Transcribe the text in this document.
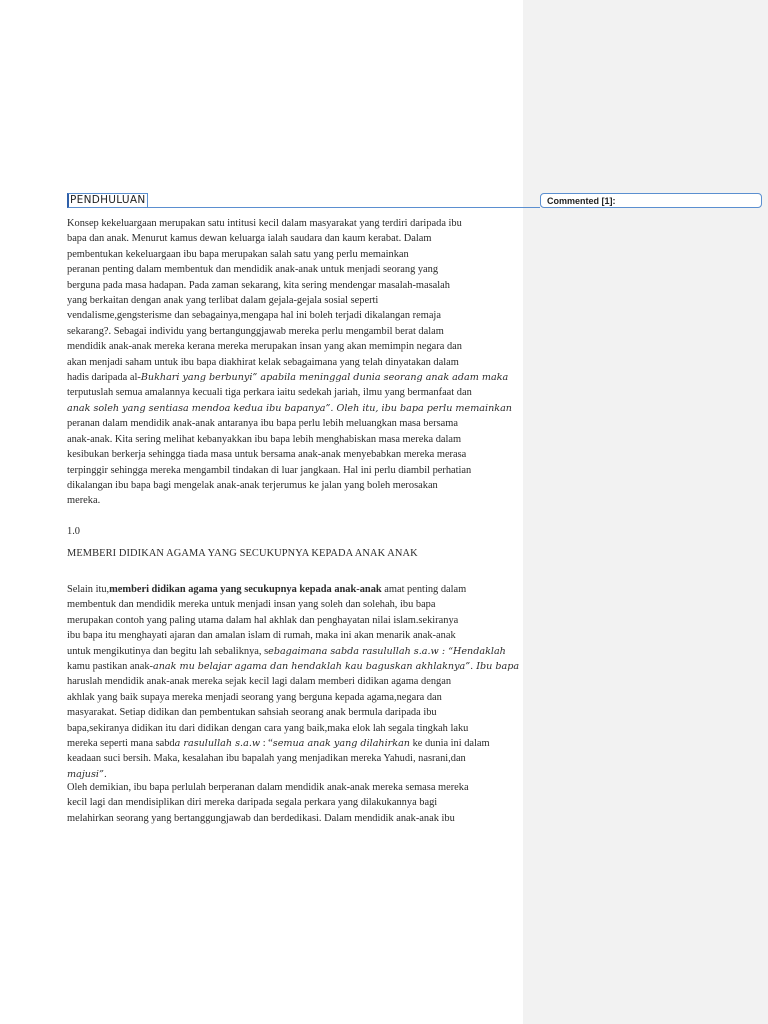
PENDHULUAN	Commented [1]:

Konsep kekeluargaan merupakan satu intitusi kecil dalam masyarakat yang terdiri daripada ibu
bapa dan anak. Menurut kamus dewan keluarga ialah saudara dan kaum kerabat. Dalam
pembentukan kekeluargaan ibu bapa merupakan salah satu yang perlu memainkan
peranan penting dalam membentuk dan mendidik anak-anak untuk menjadi seorang yang
berguna pada masa hadapan. Pada zaman sekarang, kita sering mendengar masalah-masalah
yang berkaitan dengan anak yang terlibat dalam gejala-gejala sosial seperti
vendalisme,gengsterisme dan sebagainya,mengapa hal ini boleh terjadi dikalangan remaja
sekarang?. Sebagai individu yang bertangunggjawab mereka perlu mengambil berat dalam
mendidik anak-anak mereka kerana mereka merupakan insan yang akan memimpin negara dan
akan menjadi saham untuk ibu bapa diakhirat kelak sebagaimana yang telah dinyatakan dalam
hadis daripada al-Bukhari yang berbunyi” apabila meninggal dunia seorang anak adam maka
terputuslah semua amalannya kecuali tiga perkara iaitu sedekah jariah, ilmu yang bermanfaat dan
anak soleh yang sentiasa mendoa kedua ibu bapanya”. Oleh itu, ibu bapa perlu memainkan
peranan dalam mendidik anak-anak antaranya ibu bapa perlu lebih meluangkan masa bersama
anak-anak. Kita sering melihat kebanyakkan ibu bapa lebih menghabiskan masa mereka dalam
kesibukan berkerja sehingga tiada masa untuk bersama anak-anak menyebabkan mereka merasa
terpinggir sehingga mereka mengambil tindakan di luar jangkaan. Hal ini perlu diambil perhatian
dikalangan ibu bapa bagi mengelak anak-anak terjerumus ke jalan yang boleh merosakan
mereka.

1.0
MEMBERI DIDIKAN AGAMA YANG SECUKUPNYA KEPADA ANAK ANAK

Selain itu,memberi didikan agama yang secukupnya kepada anak-anak amat penting dalam
membentuk dan mendidik mereka untuk menjadi insan yang soleh dan solehah, ibu bapa
merupakan contoh yang paling utama dalam hal akhlak dan penghayatan nilai islam.sekiranya
ibu bapa itu menghayati ajaran dan amalan islam di rumah, maka ini akan menarik anak-anak
untuk mengikutinya dan begitu lah sebaliknya, sebagaimana sabda rasulullah s.a.w : “Hendaklah
kamu pastikan anak-anak mu belajar agama dan hendaklah kau baguskan akhlaknya”. Ibu bapa
haruslah mendidik anak-anak mereka sejak kecil lagi dalam memberi didikan agama dengan
akhlak yang baik supaya mereka menjadi seorang yang berguna kepada agama,negara dan
masyarakat. Setiap didikan dan pembentukan sahsiah seorang anak bermula daripada ibu
bapa,sekiranya didikan itu dari didikan dengan cara yang baik,maka elok lah segala tingkah laku
mereka seperti mana sabda rasulullah s.a.w : “semua anak yang dilahirkan ke dunia ini dalam
keadaan suci bersih. Maka, kesalahan ibu bapalah yang menjadikan mereka Yahudi, nasrani,dan
majusi”.

Oleh demikian, ibu bapa perlulah berperanan dalam mendidik anak-anak mereka semasa mereka
kecil lagi dan mendisiplikan diri mereka daripada segala perkara yang dilakukannya bagi
melahirkan seorang yang bertanggungjawab dan berdedikasi. Dalam mendidik anak-anak ibu
